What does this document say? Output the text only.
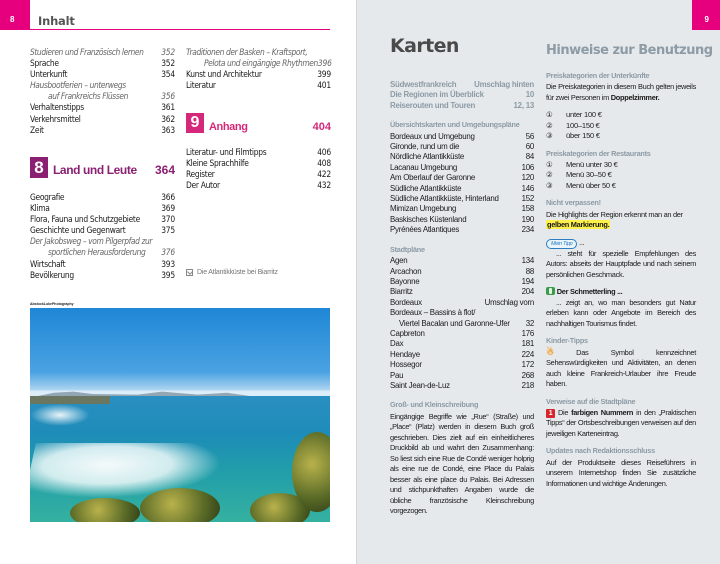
8 Inhalt
Studieren und Französisch lernen 352
Sprache	352
Unterkunft	354
Hausbootferien – unterwegs
auf Frankreichs Flüssen	356
Verhaltenstipps	361
Verkehrsmittel	362
Zeit	363
Traditionen der Basken – Kraftsport,
Pelota und eingängige Rhythmen 396
Kunst und Architektur	399
Literatur	401
8 Land und Leute	364
Geografie	366
Klima	369
Flora, Fauna und Schutzgebiete	370
Geschichte und Gegenwart	375
Der Jakobsweg – vom Pilgerpfad zur
sportlichen Herausforderung 376
Wirtschaft	393
Bevölkerung	395
9 Anhang	404
Literatur- und Filmtipps	406
Kleine Sprachhilfe	408
Register	422
Der Autor	432
Die Atlantikküste bei Biarritz
AbstockLukePhotography
9
Karten	Hinweise zur Benutzung
Südwestfrankreich Umschlag hinten
Die Regionen im Überblick	10
Reiserouten und Touren	12, 13
Übersichtskarten und Umgebungspläne
Bordeaux und Umgebung	56
Gironde, rund um die	60
Nördliche Atlantikküste	84
Lacanau Umgebung	106
Am Oberlauf der Garonne	120
Südliche Atlantikküste	146
Südliche Atlantikküste, Hinterland	152
Mimizan Umgebung	158
Baskisches Küstenland	190
Pyrénées Atlantiques	234
Stadtpläne
Agen	134
Arcachon	88
Bayonne	194
Biarritz	204
Bordeaux	Umschlag vorn
Bordeaux – Bassins à flot/
Viertel Bacalan und Garonne-Ufer 32
Capbreton	176
Dax	181
Hendaye	224
Hossegor	172
Pau	268
Saint Jean-de-Luz	218
Groß- und Kleinschreibung
Eingängige Begriffe wie „Rue“ (Straße) und „Place“ (Platz) werden in diesem Buch groß geschrieben. Dies zielt auf ein einheitlicheres Druckbild ab und wahrt den Zusammenhang: So liest sich eine Rue de Condé weniger holprig als eine rue de Condé, eine Place du Palais besser als eine place du Palais. Bei Adressen und stichpunkthaften Angaben wurde die übliche französische Kleinschreibung vorgezogen.
Preiskategorien der Unterkünfte
Die Preiskategorien in diesem Buch gelten jeweils für zwei Personen im Doppelzimmer.
①	unter 100 €
②	100–150 €
③	über 150 €
Preiskategorien der Restaurants
①	Menü unter 30 €
②	Menü 30–50 €
③	Menü über 50 €
Nicht verpassen!
Die Highlights der Region erkennt man an der
gelben Markierung.
Mein Tipp ...
... steht für spezielle Empfehlungen des Autors: abseits der Hauptpfade und nach seinem persönlichen Geschmack.
Der Schmetterling ...
... zeigt an, wo man besonders gut Natur erleben kann oder Angebote im Bereich des nachhaltigen Tourismus findet.
Kinder-Tipps
☃	Das Symbol kennzeichnet Sehenswürdigkeiten und Aktivitäten, an denen auch kleine Frankreich-Urlauber ihre Freude haben.
Verweise auf die Stadtpläne
1 Die farbigen Nummern in den „Praktischen Tipps“ der Ortsbeschreibungen verweisen auf den jeweiligen Karteneintrag.
Updates nach Redaktionsschluss
Auf der Produktseite dieses Reiseführers in unserem Internetshop finden Sie zusätzliche Informationen und wichtige Änderungen.
